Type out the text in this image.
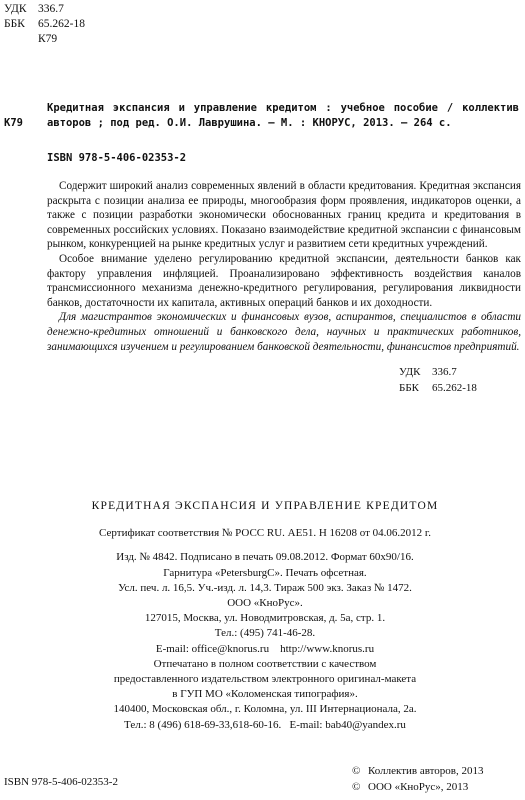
УДК	336.7
ББК	65.262-18
К79
К79
Кредитная экспансия и управление кредитом : учебное пособие / коллектив авторов ; под ред. О.И. Лаврушина. — М. : КНОРУС, 2013. — 264 с.
ISBN 978-5-406-02353-2

Содержит широкий анализ современных явлений в области кредитования. Кредитная экспансия раскрыта с позиции анализа ее природы, многообразия форм проявления, индикаторов оценки, а также с позиции разработки экономически обоснованных границ кредита и кредитования в современных российских условиях. Показано взаимодействие кредитной экспансии с финансовым рынком, конкуренцией на рынке кредитных услуг и развитием сети кредитных учреждений.

Особое внимание уделено регулированию кредитной экспансии, деятельности банков как фактору управления инфляцией. Проанализировано эффективность воздействия каналов трансмиссионного механизма денежно-кредитного регулирования, регулирования ликвидности банков, достаточности их капитала, активных операций банков и их доходности.

Для магистрантов экономических и финансовых вузов, аспирантов, специалистов в области денежно-кредитных отношений и банковского дела, научных и практических работников, занимающихся изучением и регулированием банковской деятельности, финансистов предприятий.

УДК	336.7
ББК	65.262-18
КРЕДИТНАЯ ЭКСПАНСИЯ И УПРАВЛЕНИЕ КРЕДИТОМ
Сертификат соответствия № РОСС RU. АЕ51. Н 16208 от 04.06.2012 г.
Изд. № 4842. Подписано в печать 09.08.2012. Формат 60х90/16.
Гарнитура «PetersburgC». Печать офсетная.
Усл. печ. л. 16,5. Уч.-изд. л. 14,3. Тираж 500 экз. Заказ № 1472.
ООО «КноРус».
127015, Москва, ул. Новодмитровская, д. 5а, стр. 1.
Тел.: (495) 741-46-28.
E-mail: office@knorus.ru    http://www.knorus.ru
Отпечатано в полном соответствии с качеством
предоставленного издательством электронного оригинал-макета
в ГУП МО «Коломенская типография».
140400, Московская обл., г. Коломна, ул. III Интернационала, 2а.
Тел.: 8 (496) 618-69-33,618-60-16.   E-mail: bab40@yandex.ru
ISBN 978-5-406-02353-2
© Коллектив авторов, 2013
© ООО «КноРус», 2013
